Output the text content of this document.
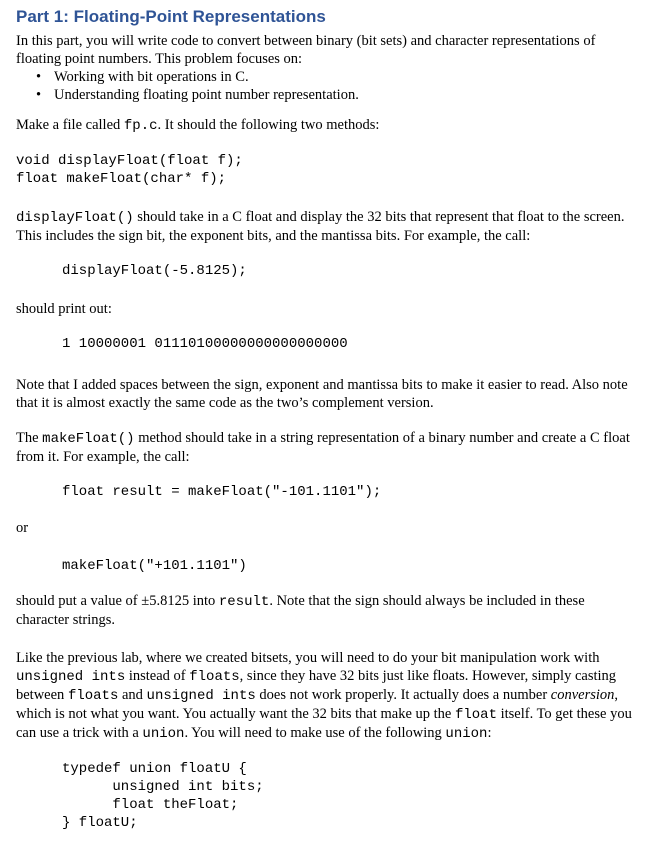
Part 1: Floating-Point Representations

In this part, you will write code to convert between binary (bit sets) and character representations of floating point numbers. This problem focuses on:

• Working with bit operations in C.
• Understanding floating point number representation.

Make a file called fp.c. It should the following two methods:

void displayFloat(float f);
float makeFloat(char* f);

displayFloat() should take in a C float and display the 32 bits that represent that float to the screen. This includes the sign bit, the exponent bits, and the mantissa bits. For example, the call:

displayFloat(-5.8125);

should print out:

1 10000001 01110100000000000000000

Note that I added spaces between the sign, exponent and mantissa bits to make it easier to read. Also note that it is almost exactly the same code as the two’s complement version.

The makeFloat() method should take in a string representation of a binary number and create a C float from it. For example, the call:

float result = makeFloat("-101.1101");

or

makeFloat("+101.1101")

should put a value of ±5.8125 into result. Note that the sign should always be included in these character strings.

Like the previous lab, where we created bitsets, you will need to do your bit manipulation work with unsigned ints instead of floats, since they have 32 bits just like floats. However, simply casting between floats and unsigned ints does not work properly. It actually does a number conversion, which is not what you want. You actually want the 32 bits that make up the float itself. To get these you can use a trick with a union. You will need to make use of the following union:

typedef union floatU {
unsigned int bits;
float theFloat;
} floatU;
